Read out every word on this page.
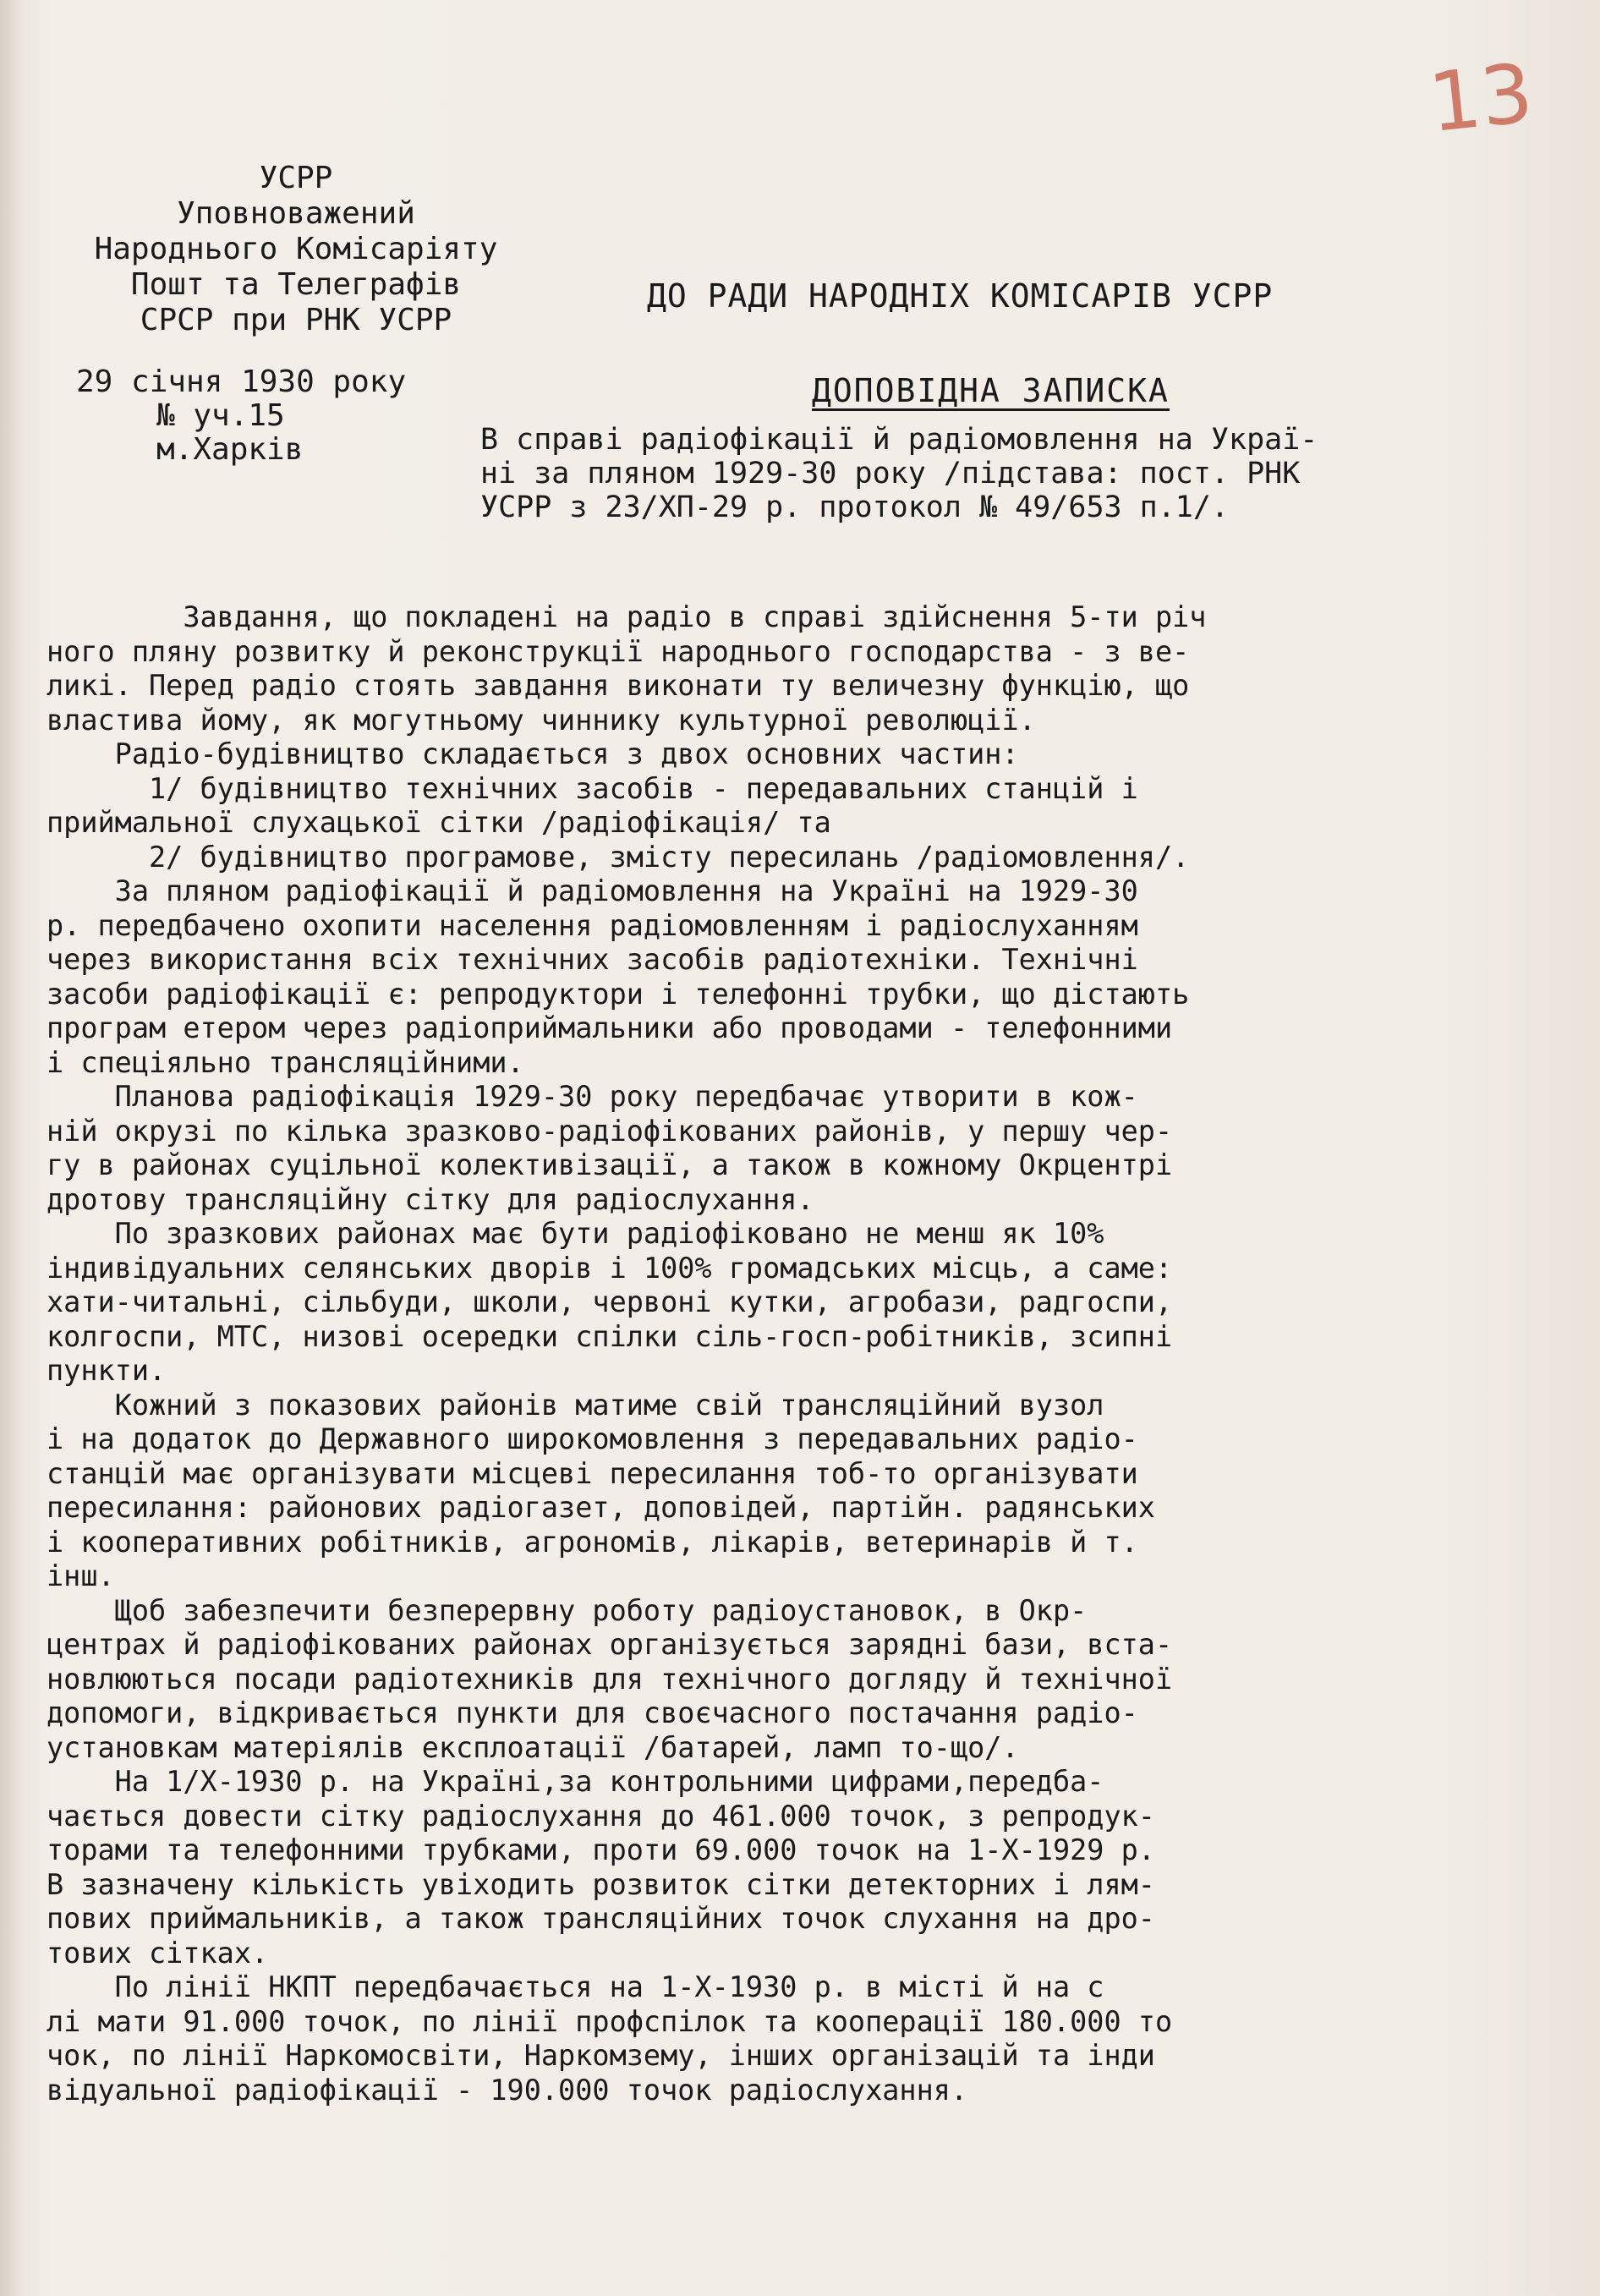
13
УСРР
Уповноважений
Народнього Комісаріяту
Пошт та Телеграфів
СРСР при РНК УСРР
29 січня 1930 року
№ уч.15
м.Харків
ДО РАДИ НАРОДНІХ КОМІСАРІВ УСРР
ДОПОВІДНА ЗАПИСКА
В справі радіофікації й радіомовлення на Украї-
ні за пляном 1929-30 року /підстава: пост. РНК
УСРР з 23/ХП-29 р. протокол № 49/653 п.1/.
Завдання, що покладені на радіо в справі здійснення 5-ти річ
ного пляну розвитку й реконструкції народнього господарства - з ве-
ликі. Перед радіо стоять завдання виконати ту величезну функцію, що
властива йому, як могутньому чиннику культурної революції.
Радіо-будівництво складається з двох основних частин:
1/ будівництво технічних засобів - передавальних станцій і
приймальної слухацької сітки /радіофікація/ та
2/ будівництво програмове, змісту пересилань /радіомовлення/.
За пляном радіофікації й радіомовлення на Україні на 1929-30
р. передбачено охопити населення радіомовленням і радіослуханням
через використання всіх технічних засобів радіотехніки. Технічні
засоби радіофікації є: репродуктори і телефонні трубки, що дістають
програм етером через радіоприймальники або проводами - телефонними
і спеціяльно трансляційними.
Планова радіофікація 1929-30 року передбачає утворити в кож-
ній окрузі по кілька зразково-радіофікованих районів, у першу чер-
гу в районах суцільної колективізації, а також в кожному Окрцентрі
дротову трансляційну сітку для радіослухання.
По зразкових районах має бути радіофіковано не менш як 10%
індивідуальних селянських дворів і 100% громадських місць, а саме:
хати-читальні, сільбуди, школи, червоні кутки, агробази, радгоспи,
колгоспи, МТС, низові осередки спілки сіль-госп-робітників, зсипні
пункти.
Кожний з показових районів матиме свій трансляційний вузол
і на додаток до Державного широкомовлення з передавальних радіо-
станцій має організувати місцеві пересилання тоб-то організувати
пересилання: районових радіогазет, доповідей, партійн. радянських
і кооперативних робітників, агрономів, лікарів, ветеринарів й т.
інш.
Щоб забезпечити безперервну роботу радіоустановок, в Окр-
центрах й радіофікованих районах організується зарядні бази, вста-
новлюються посади радіотехників для технічного догляду й технічної
допомоги, відкривається пункти для своєчасного постачання радіо-
установкам матеріялів експлоатації /батарей, ламп то-що/.
На 1/Х-1930 р. на Україні,за контрольними цифрами,передба-
чається довести сітку радіослухання до 461.000 точок, з репродук-
торами та телефонними трубками, проти 69.000 точок на 1-Х-1929 р.
В зазначену кількість увіходить розвиток сітки детекторних і лям-
пових приймальників, а також трансляційних точок слухання на дро-
тових сітках.
По лінії НКПТ передбачається на 1-Х-1930 р. в місті й на с
лі мати 91.000 точок, по лінії профспілок та кооперації 180.000 то
чок, по лінії Наркомосвіти, Наркомзему, інших організацій та інди
відуальної радіофікації - 190.000 точок радіослухання.
